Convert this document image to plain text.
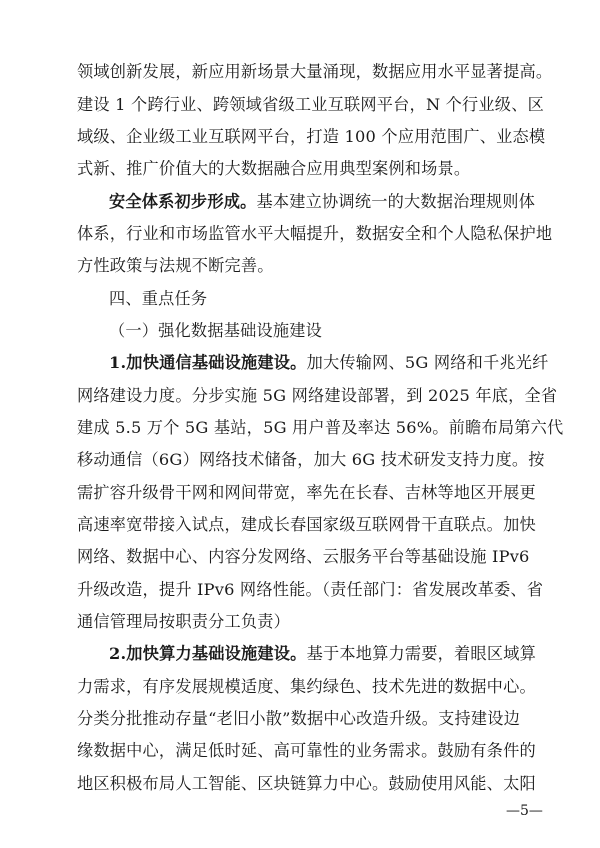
领域创新发展，新应用新场景大量涌现，数据应用水平显著提高。
建设 1 个跨行业、跨领域省级工业互联网平台，N 个行业级、区
域级、企业级工业互联网平台，打造 100 个应用范围广、业态模
式新、推广价值大的大数据融合应用典型案例和场景。
安全体系初步形成。基本建立协调统一的大数据治理规则体
体系，行业和市场监管水平大幅提升，数据安全和个人隐私保护地
方性政策与法规不断完善。
四、重点任务
（一）强化数据基础设施建设
1.加快通信基础设施建设。加大传输网、5G 网络和千兆光纤
网络建设力度。分步实施 5G 网络建设部署，到 2025 年底，全省
建成 5.5 万个 5G 基站，5G 用户普及率达 56%。前瞻布局第六代
移动通信（6G）网络技术储备，加大 6G 技术研发支持力度。按
需扩容升级骨干网和网间带宽，率先在长春、吉林等地区开展更
高速率宽带接入试点，建成长春国家级互联网骨干直联点。加快
网络、数据中心、内容分发网络、云服务平台等基础设施 IPv6
升级改造，提升 IPv6 网络性能。（责任部门：省发展改革委、省
通信管理局按职责分工负责）
2.加快算力基础设施建设。基于本地算力需要，着眼区域算
力需求，有序发展规模适度、集约绿色、技术先进的数据中心。
分类分批推动存量“老旧小散”数据中心改造升级。支持建设边
缘数据中心，满足低时延、高可靠性的业务需求。鼓励有条件的
地区积极布局人工智能、区块链算力中心。鼓励使用风能、太阳
—5—
